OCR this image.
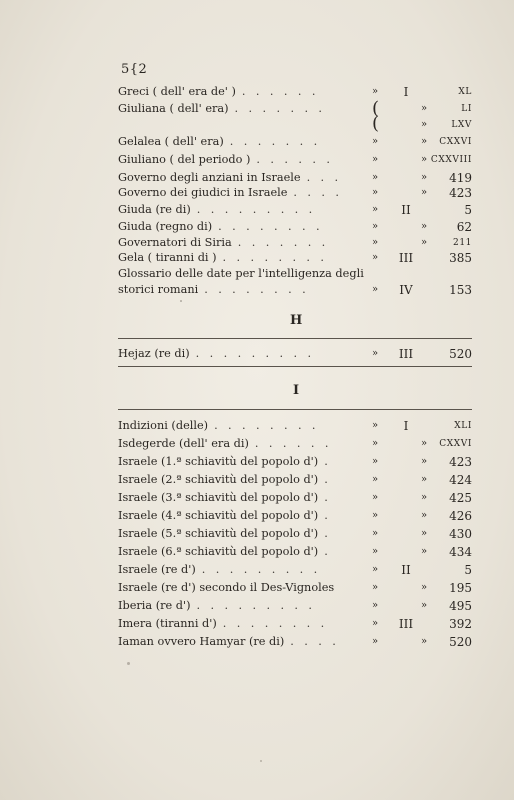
5{2
Greci ( dell' era de' ) . . . . . .	»	I	XL
Giuliana ( dell' era) . . . . . . .	»	LI
»	LXV
Gelalea ( dell' era) . . . . . . .	»	» CXXVI
Giuliano ( del periodo ) . . . . . .	»	» CXXVIII
Governo degli anziani in Israele . . .	»	» 419
Governo dei giudici in Israele . . . .	»	» 423
Giuda (re di) . . . . . . . . .	»	II	5
Giuda (regno di) . . . . . . . .	»	» 62
Governatori di Siria . . . . . . .	»	»	211
Gela ( tiranni di ) . . . . . . . .	» III	385
(
(
Glossario delle date per l'intelligenza degli
storici romani . . . . . . . .	» IV	153
H
Hejaz (re di) . . . . . . . . .	» III	520
I
Indizioni (delle) . . . . . . . .	»	I	XLI
Isdegerde (dell' era di) . . . . . .	»	» CXXVI
Israele (1.ª schiavitù del popolo d') .	»	» 423
Israele (2.ª schiavitù del popolo d') .	»	» 424
Israele (3.ª schiavitù del popolo d') .	»	» 425
Israele (4.ª schiavitù del popolo d') .	»	» 426
Israele (5.ª schiavitù del popolo d') .	»	» 430
Israele (6.ª schiavitù del popolo d') .	»	» 434
Israele (re d') . . . . . . . . .	»	II	5
Israele (re d') secondo il Des-Vignoles	»	» 195
Iberia (re d') . . . . . . . . .	»	» 495
Imera (tiranni d') . . . . . . . .	» III	392
Iaman ovvero Hamyar (re di) . . . .	»	» 520
